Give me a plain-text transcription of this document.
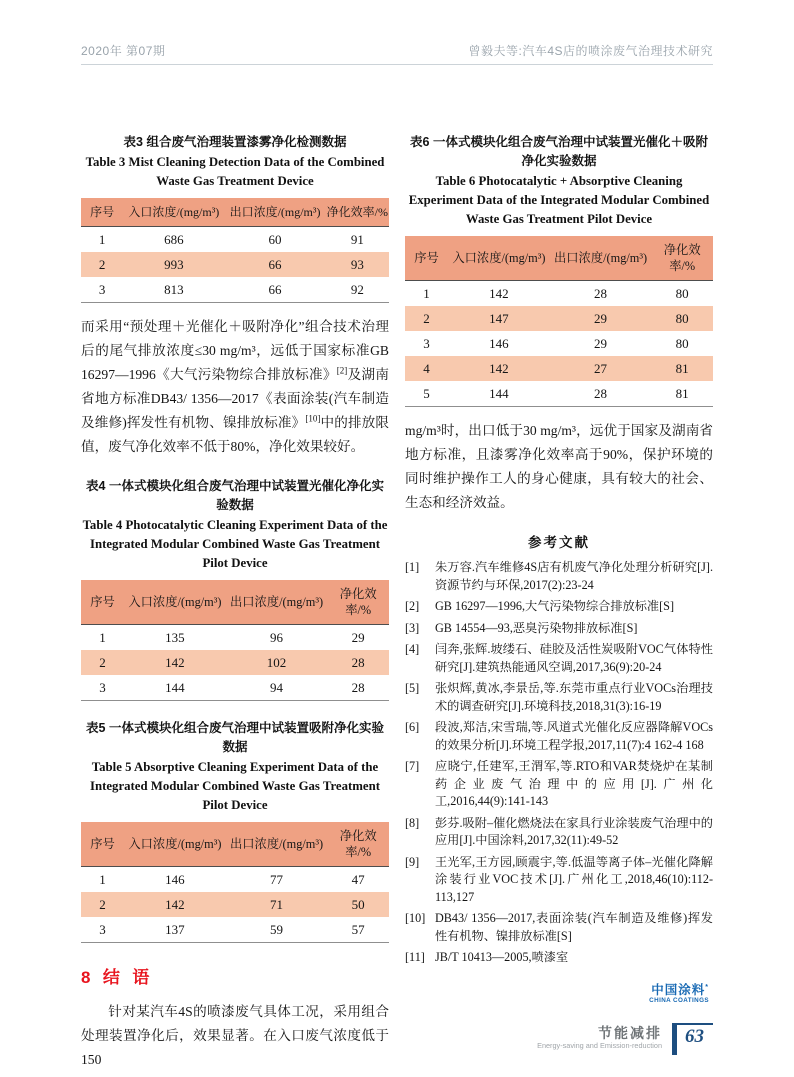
2020年 第07期	曾毅夫等:汽车4S店的喷涂废气治理技术研究
表3 组合废气治理装置漆雾净化检测数据
Table 3 Mist Cleaning Detection Data of the Combined Waste Gas Treatment Device
序号	入口浓度/(mg/m³)	出口浓度/(mg/m³)	净化效率/%
1	686	60	91
2	993	66	93
3	813	66	92

而采用“预处理＋光催化＋吸附净化”组合技术治理后的尾气排放浓度≤30 mg/m³，远低于国家标准GB 16297—1996《大气污染物综合排放标准》[2]及湖南省地方标准DB43/ 1356—2017《表面涂装(汽车制造及维修)挥发性有机物、镍排放标准》[10]中的排放限值，废气净化效率不低于80%，净化效果较好。

表4 一体式模块化组合废气治理中试装置光催化净化实验数据
Table 4 Photocatalytic Cleaning Experiment Data of the Integrated Modular Combined Waste Gas Treatment Pilot Device
序号	入口浓度/(mg/m³)	出口浓度/(mg/m³)	净化效率/%
1	135	96	29
2	142	102	28
3	144	94	28
表5 一体式模块化组合废气治理中试装置吸附净化实验数据
Table 5 Absorptive Cleaning Experiment Data of the Integrated Modular Combined Waste Gas Treatment Pilot Device
序号	入口浓度/(mg/m³)	出口浓度/(mg/m³)	净化效率/%
1	146	77	47
2	142	71	50
3	137	59	57
8  结  语

针对某汽车4S的喷漆废气具体工况，采用组合处理装置净化后，效果显著。在入口废气浓度低于150

表6 一体式模块化组合废气治理中试装置光催化＋吸附净化实验数据
Table 6 Photocatalytic + Absorptive Cleaning Experiment Data of the Integrated Modular Combined Waste Gas Treatment Pilot Device
序号	入口浓度/(mg/m³)	出口浓度/(mg/m³)	净化效率/%
1	142	28	80
2	147	29	80
3	146	29	80
4	142	27	81
5	144	28	81

mg/m³时，出口低于30 mg/m³，远优于国家及湖南省地方标准，且漆雾净化效率高于90%，保护环境的同时维护操作工人的身心健康，具有较大的社会、生态和经济效益。

参考文献
[1]	朱万容.汽车维修4S店有机废气净化处理分析研究[J].资源节约与环保,2017(2):23-24
[2]	GB 16297—1996,大气污染物综合排放标准[S]
[3]	GB 14554—93,恶臭污染物排放标准[S]
[4]	闫奔,张辉.坡缕石、硅胶及活性炭吸附VOC气体特性研究[J].建筑热能通风空调,2017,36(9):20-24
[5]	张炽辉,黄冰,李景岳,等.东莞市重点行业VOCs治理技术的调查研究[J].环境科技,2018,31(3):16-19
[6]	段波,郑洁,宋雪瑞,等.风道式光催化反应器降解VOCs的效果分析[J].环境工程学报,2017,11(7):4 162-4 168
[7]	应晓宁,任建军,王渭军,等.RTO和VAR焚烧炉在某制药企业废气治理中的应用[J].广州化工,2016,44(9):141-143
[8]	彭芬.吸附–催化燃烧法在家具行业涂装废气治理中的应用[J].中国涂料,2017,32(11):49-52
[9]	王光军,王方园,顾震宇,等.低温等离子体–光催化降解涂装行业VOC技术[J].广州化工,2018,46(10):112-113,127
[10] DB43/ 1356—2017,表面涂装(汽车制造及维修)挥发性有机物、镍排放标准[S]
[11] JB/T 10413—2005,喷漆室
中国涂料*
CHINA COATINGS
节能减排
Energy-saving and Emission-reduction	63
